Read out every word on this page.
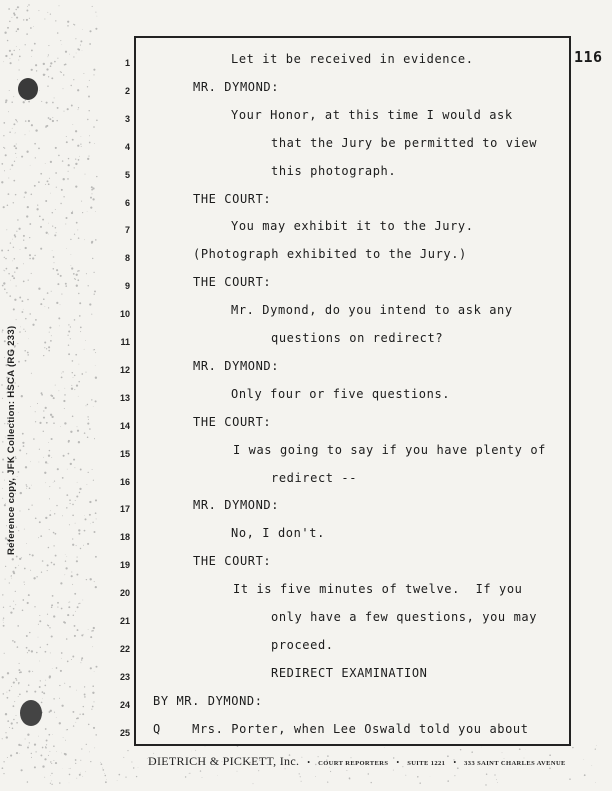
Reference copy, JFK Collection: HSCA (RG 233)
116
1
2
3
4
5
6
7
8
9
10
11
12
13
14
15
16
17
18
19
20
21
22
23
24
25
Let it be received in evidence.
MR. DYMOND:
Your Honor, at this time I would ask
that the Jury be permitted to view
this photograph.
THE COURT:
You may exhibit it to the Jury.
(Photograph exhibited to the Jury.)
THE COURT:
Mr. Dymond, do you intend to ask any
questions on redirect?
MR. DYMOND:
Only four or five questions.
THE COURT:
I was going to say if you have plenty of
redirect --
MR. DYMOND:
No, I don't.
THE COURT:
It is five minutes of twelve.  If you
only have a few questions, you may
proceed.
REDIRECT EXAMINATION
BY MR. DYMOND:
Q    Mrs. Porter, when Lee Oswald told you about
DIETRICH & PICKETT, Inc. • COURT REPORTERS • SUITE 1221 • 333 SAINT CHARLES AVENUE
